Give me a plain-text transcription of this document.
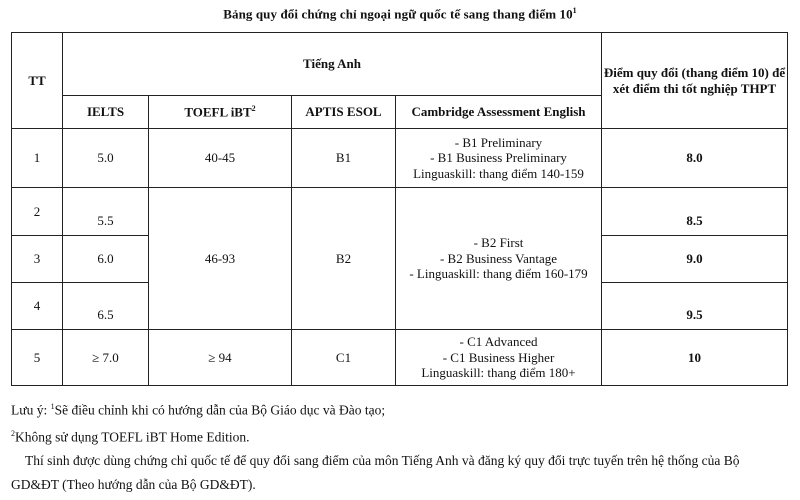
Bảng quy đổi chứng chỉ ngoại ngữ quốc tế sang thang điểm $10^1$
TT	Tiếng Anh				Điểm quy đổi (thang điểm 10) để xét điểm thi tốt nghiệp THPT
	IELTS	TOEFL iBT$^2$	APTIS ESOL	Cambridge Assessment English	
1	5.0	40-45	B1	- B1 Preliminary
- B1 Business Preliminary
Linguaskill: thang điểm 140-159	8.0
2	5.5	46-93	B2	- B2 First
- B2 Business Vantage
- Linguaskill: thang điểm 160-179	8.5
3	6.0				9.0
4	6.5				9.5
5	≥ 7.0	≥ 94	C1	- C1 Advanced
- C1 Business Higher
Linguaskill: thang điểm 180+	10

Lưu ý: $^1$Sẽ điều chỉnh khi có hướng dẫn của Bộ Giáo dục và Đào tạo;

$^2$Không sử dụng TOEFL iBT Home Edition.

Thí sinh được dùng chứng chỉ quốc tế để quy đổi sang điểm của môn Tiếng Anh và đăng ký quy đổi trực tuyến trên hệ thống của Bộ GD&ĐT (Theo hướng dẫn của Bộ GD&ĐT).
